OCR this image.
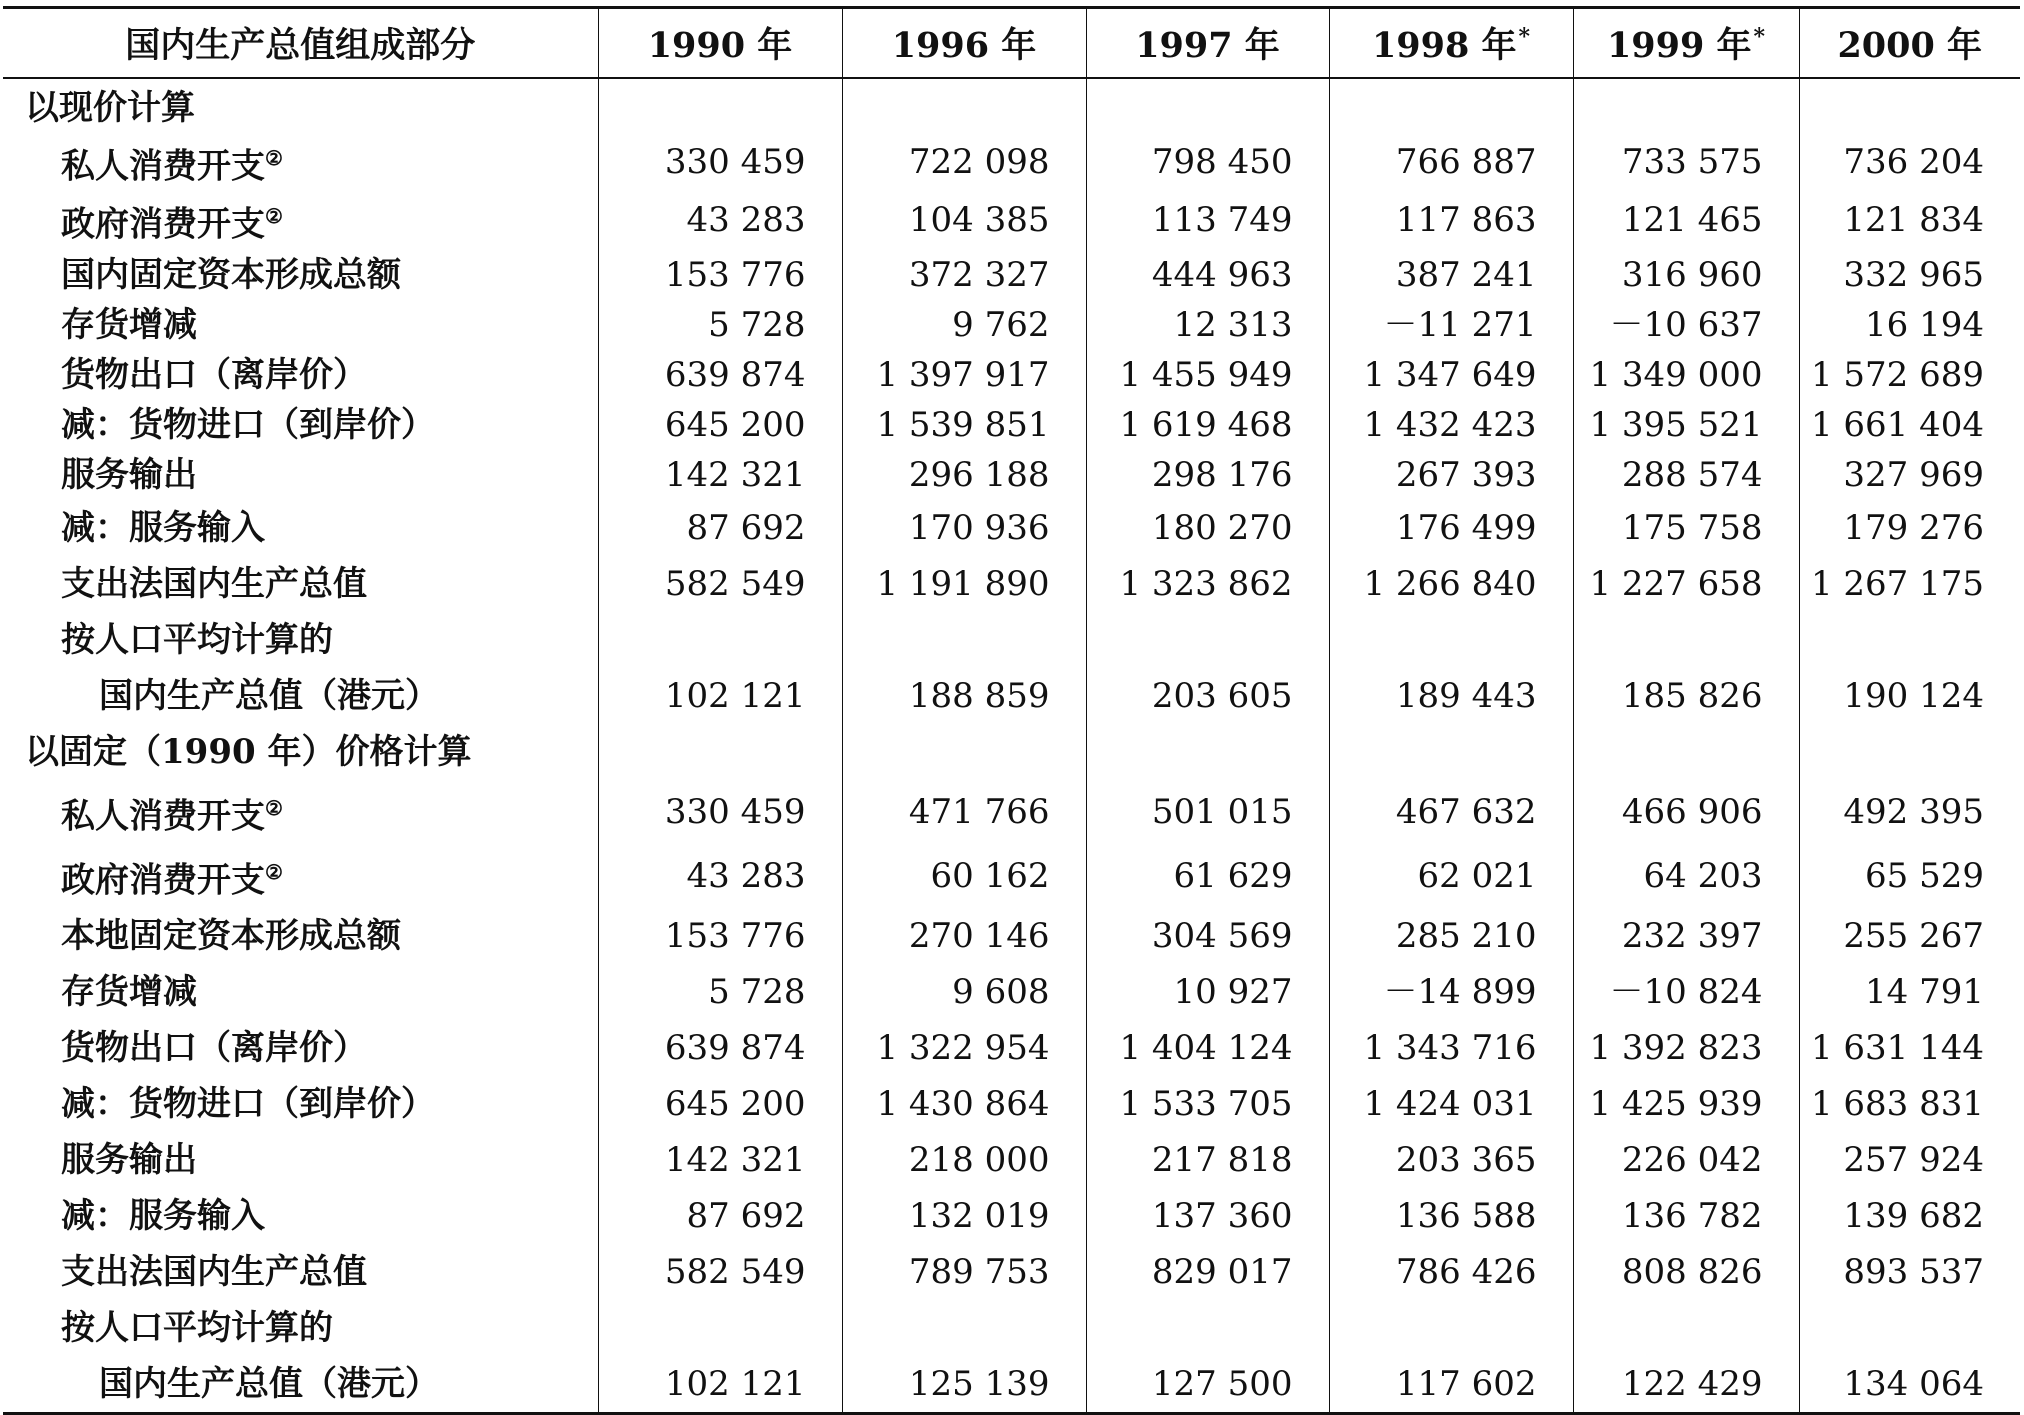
国内生产总值组成部分	1990 年	1996 年	1997 年	1998 年*	1999 年*	2000 年
以现价计算						
私人消费开支②	330 459	722 098	798 450	766 887	733 575	736 204
政府消费开支②	43 283	104 385	113 749	117 863	121 465	121 834
国内固定资本形成总额	153 776	372 327	444 963	387 241	316 960	332 965
存货增减	5 728	9 762	12 313	－11 271	－10 637	16 194
货物出口（离岸价）	639 874	1 397 917	1 455 949	1 347 649	1 349 000	1 572 689
减：货物进口（到岸价）	645 200	1 539 851	1 619 468	1 432 423	1 395 521	1 661 404
服务输出	142 321	296 188	298 176	267 393	288 574	327 969
减：服务输入	87 692	170 936	180 270	176 499	175 758	179 276
支出法国内生产总值	582 549	1 191 890	1 323 862	1 266 840	1 227 658	1 267 175
按人口平均计算的						
国内生产总值（港元）	102 121	188 859	203 605	189 443	185 826	190 124
以固定（1990 年）价格计算						
私人消费开支②	330 459	471 766	501 015	467 632	466 906	492 395
政府消费开支②	43 283	60 162	61 629	62 021	64 203	65 529
本地固定资本形成总额	153 776	270 146	304 569	285 210	232 397	255 267
存货增减	5 728	9 608	10 927	－14 899	－10 824	14 791
货物出口（离岸价）	639 874	1 322 954	1 404 124	1 343 716	1 392 823	1 631 144
减：货物进口（到岸价）	645 200	1 430 864	1 533 705	1 424 031	1 425 939	1 683 831
服务输出	142 321	218 000	217 818	203 365	226 042	257 924
减：服务输入	87 692	132 019	137 360	136 588	136 782	139 682
支出法国内生产总值	582 549	789 753	829 017	786 426	808 826	893 537
按人口平均计算的						
国内生产总值（港元）	102 121	125 139	127 500	117 602	122 429	134 064
